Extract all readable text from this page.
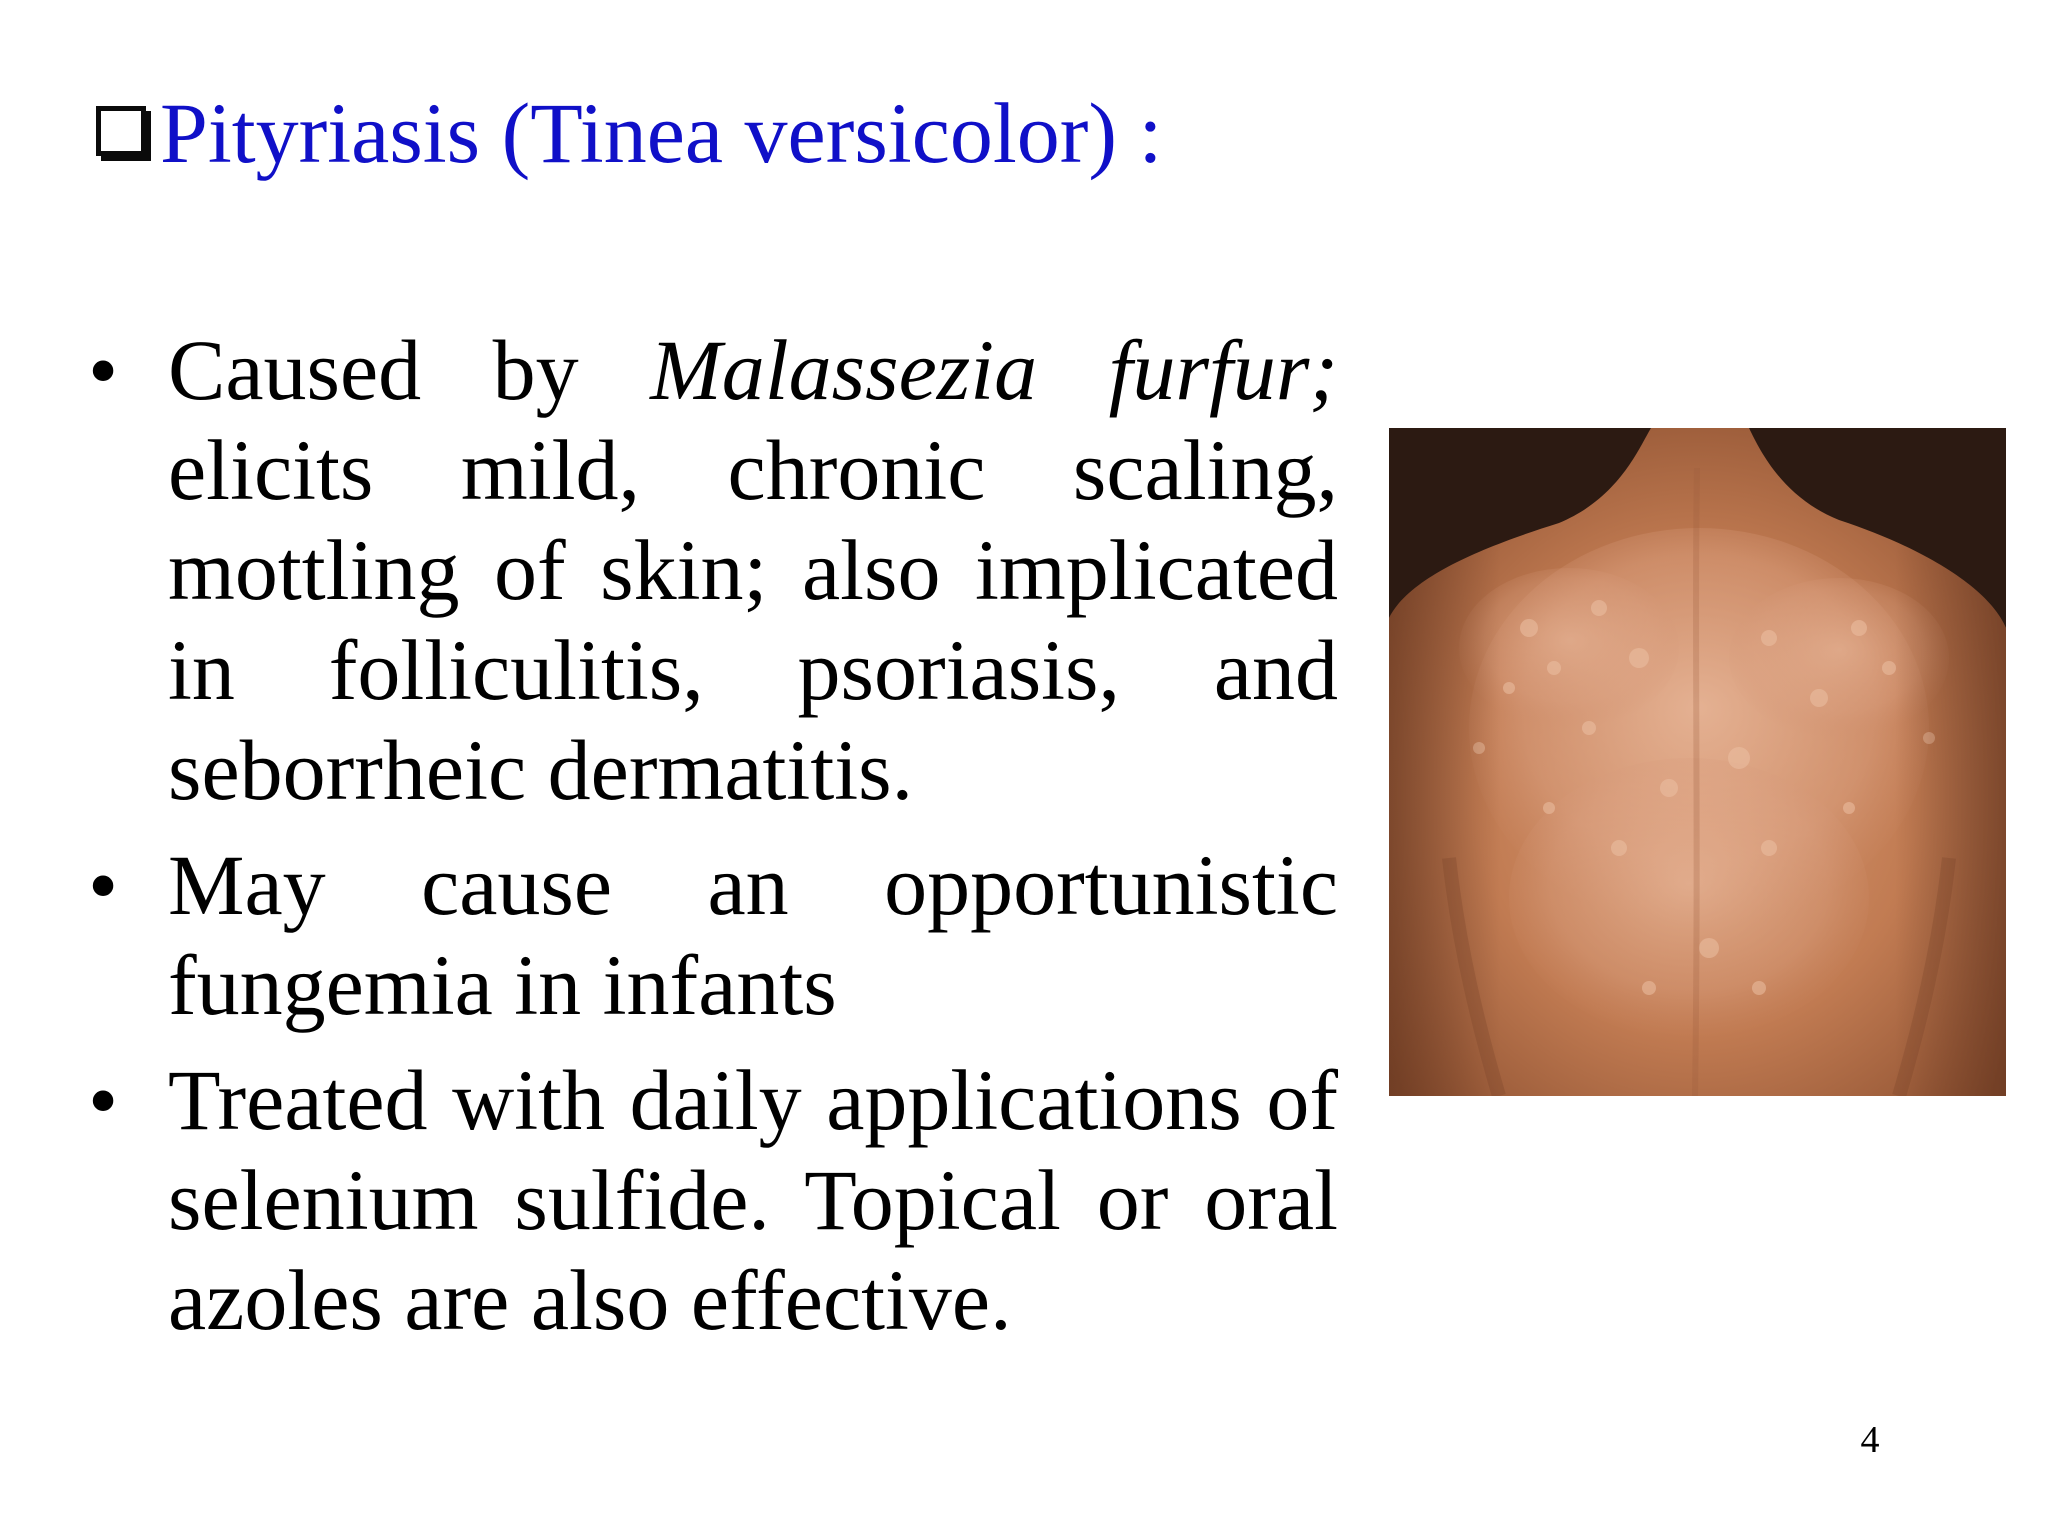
Pityriasis (Tinea versicolor) :
• Caused by Malassezia furfur; elicits mild, chronic scaling, mottling of skin; also implicated in folliculitis, psoriasis, and seborrheic dermatitis.
• May cause an opportunistic fungemia in infants
• Treated with daily applications of selenium sulfide. Topical or oral azoles are also effective.
4
